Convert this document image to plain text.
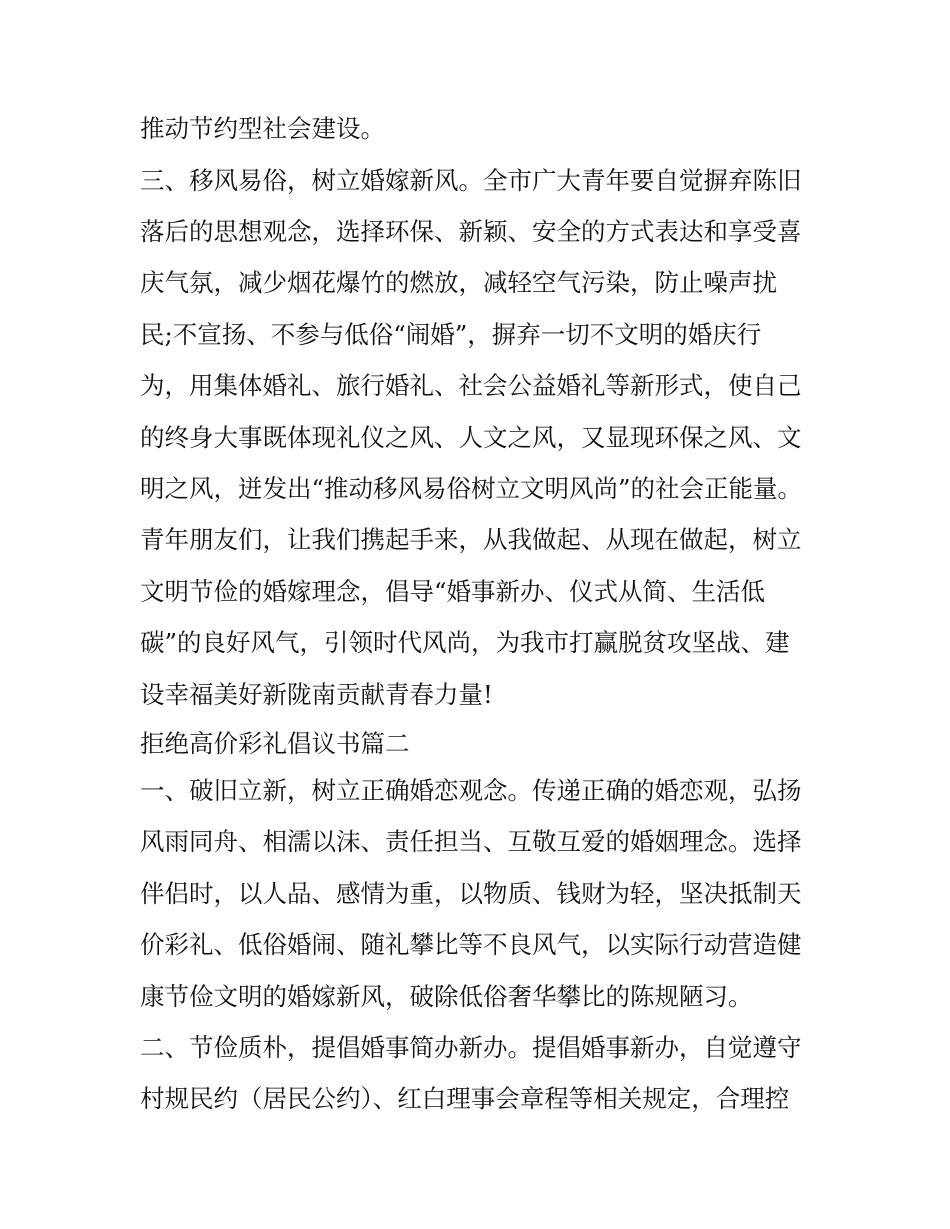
推动节约型社会建设。

三、移风易俗，树立婚嫁新风。全市广大青年要自觉摒弃陈旧

落后的思想观念，选择环保、新颖、安全的方式表达和享受喜

庆气氛，减少烟花爆竹的燃放，减轻空气污染，防止噪声扰

民;不宣扬、不参与低俗“闹婚”，摒弃一切不文明的婚庆行

为，用集体婚礼、旅行婚礼、社会公益婚礼等新形式，使自己

的终身大事既体现礼仪之风、人文之风，又显现环保之风、文

明之风，迸发出“推动移风易俗树立文明风尚”的社会正能量。

青年朋友们，让我们携起手来，从我做起、从现在做起，树立

文明节俭的婚嫁理念，倡导“婚事新办、仪式从简、生活低

碳”的良好风气，引领时代风尚，为我市打赢脱贫攻坚战、建

设幸福美好新陇南贡献青春力量!

拒绝高价彩礼倡议书篇二

一、破旧立新，树立正确婚恋观念。传递正确的婚恋观，弘扬

风雨同舟、相濡以沫、责任担当、互敬互爱的婚姻理念。选择

伴侣时，以人品、感情为重，以物质、钱财为轻，坚决抵制天

价彩礼、低俗婚闹、随礼攀比等不良风气，以实际行动营造健

康节俭文明的婚嫁新风，破除低俗奢华攀比的陈规陋习。

二、节俭质朴，提倡婚事简办新办。提倡婚事新办，自觉遵守

村规民约（居民公约）、红白理事会章程等相关规定，合理控
